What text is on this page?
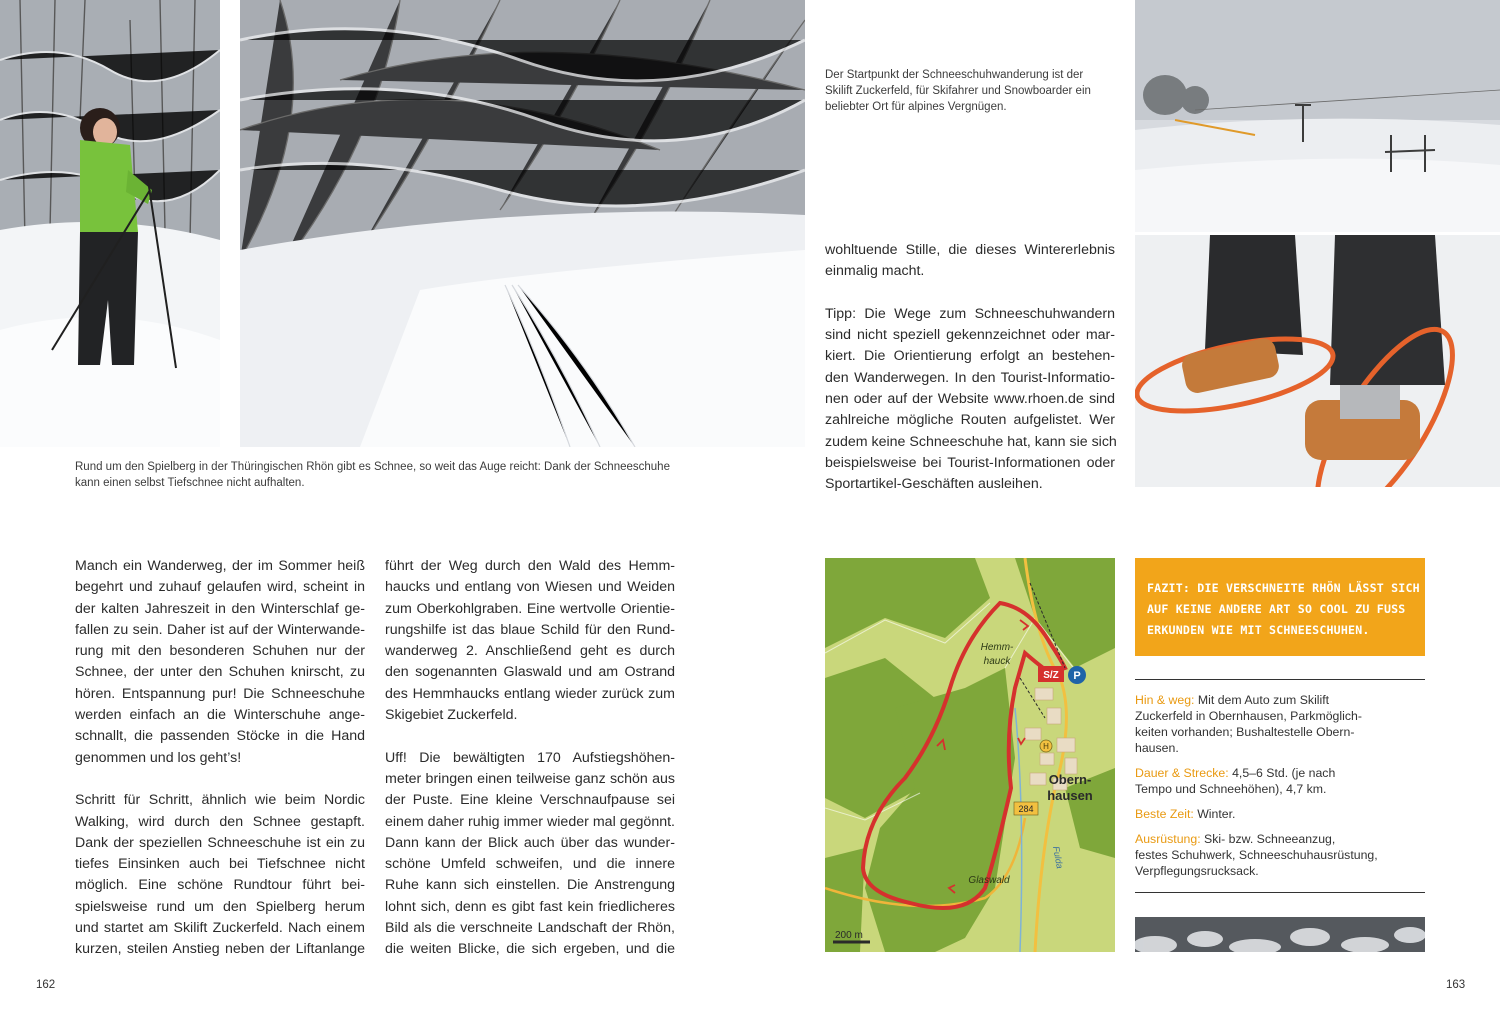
Rund um den Spielberg in der Thüringischen Rhön gibt es Schnee, so weit das Auge reicht: Dank der Schneeschuhe

kann einen selbst Tiefschnee nicht aufhalten.

Manch ein Wanderweg, der im Sommer heiß
begehrt und zuhauf gelaufen wird, scheint in
der kalten Jahreszeit in den Winterschlaf ge-
fallen zu sein. Daher ist auf der Winterwande-
rung mit den besonderen Schuhen nur der
Schnee, der unter den Schuhen knirscht, zu
hören. Entspannung pur! Die Schneeschuhe
werden einfach an die Winterschuhe ange-
schnallt, die passenden Stöcke in die Hand
genommen und los geht’s!

Schritt für Schritt, ähnlich wie beim Nordic
Walking, wird durch den Schnee gestapft.
Dank der speziellen Schneeschuhe ist ein zu
tiefes Einsinken auch bei Tiefschnee nicht
möglich. Eine schöne Rundtour führt bei-
spielsweise rund um den Spielberg herum
und startet am Skilift Zuckerfeld. Nach einem
kurzen, steilen Anstieg neben der Liftanlange

führt der Weg durch den Wald des Hemm-
haucks und entlang von Wiesen und Weiden
zum Oberkohlgraben. Eine wertvolle Orientie-
rungshilfe ist das blaue Schild für den Rund-
wanderweg 2. Anschließend geht es durch
den sogenannten Glaswald und am Ostrand
des Hemmhaucks entlang wieder zurück zum
Skigebiet Zuckerfeld.

Uff! Die bewältigten 170 Aufstiegshöhen-
meter bringen einen teilweise ganz schön aus
der Puste. Eine kleine Verschnaufpause sei
einem daher ruhig immer wieder mal gegönnt.
Dann kann der Blick auch über das wunder-
schöne Umfeld schweifen, und die innere
Ruhe kann sich einstellen. Die Anstrengung
lohnt sich, denn es gibt fast kein friedlicheres
Bild als die verschneite Landschaft der Rhön,
die weiten Blicke, die sich ergeben, und die

162

Der Startpunkt der Schneeschuhwanderung ist der

Skilift Zuckerfeld, für Skifahrer und Snowboarder ein

beliebter Ort für alpines Vergnügen.

wohltuende Stille, die dieses Wintererlebnis
einmalig macht.

Tipp: Die Wege zum Schneeschuhwandern
sind nicht speziell gekennzeichnet oder mar-
kiert. Die Orientierung erfolgt an bestehen-
den Wanderwegen. In den Tourist-Informatio-
nen oder auf der Website www.rhoen.de sind
zahlreiche mögliche Routen aufgelistet. Wer
zudem keine Schneeschuhe hat, kann sie sich
beispielsweise bei Tourist-Informationen oder
Sportartikel-Geschäften ausleihen.

S/Z P
H
Hemm-
hauck
Obern-
hausen
284
Glaswald
Fulda
200 m
FAZIT: DIE VERSCHNEITE RHÖN LÄSST SICH
AUF KEINE ANDERE ART SO COOL ZU FUSS
ERKUNDEN WIE MIT SCHNEESCHUHEN.
Hin & weg: Mit dem Auto zum Skilift
Zuckerfeld in Obernhausen, Parkmöglich-
keiten vorhanden; Bushaltestelle Obern-
hausen.
Dauer & Strecke: 4,5–6 Std. (je nach
Tempo und Schneehöhen), 4,7 km.
Beste Zeit: Winter.
Ausrüstung: Ski- bzw. Schneeanzug,
festes Schuhwerk, Schneeschuhausrüstung,
Verpflegungsrucksack.
163
